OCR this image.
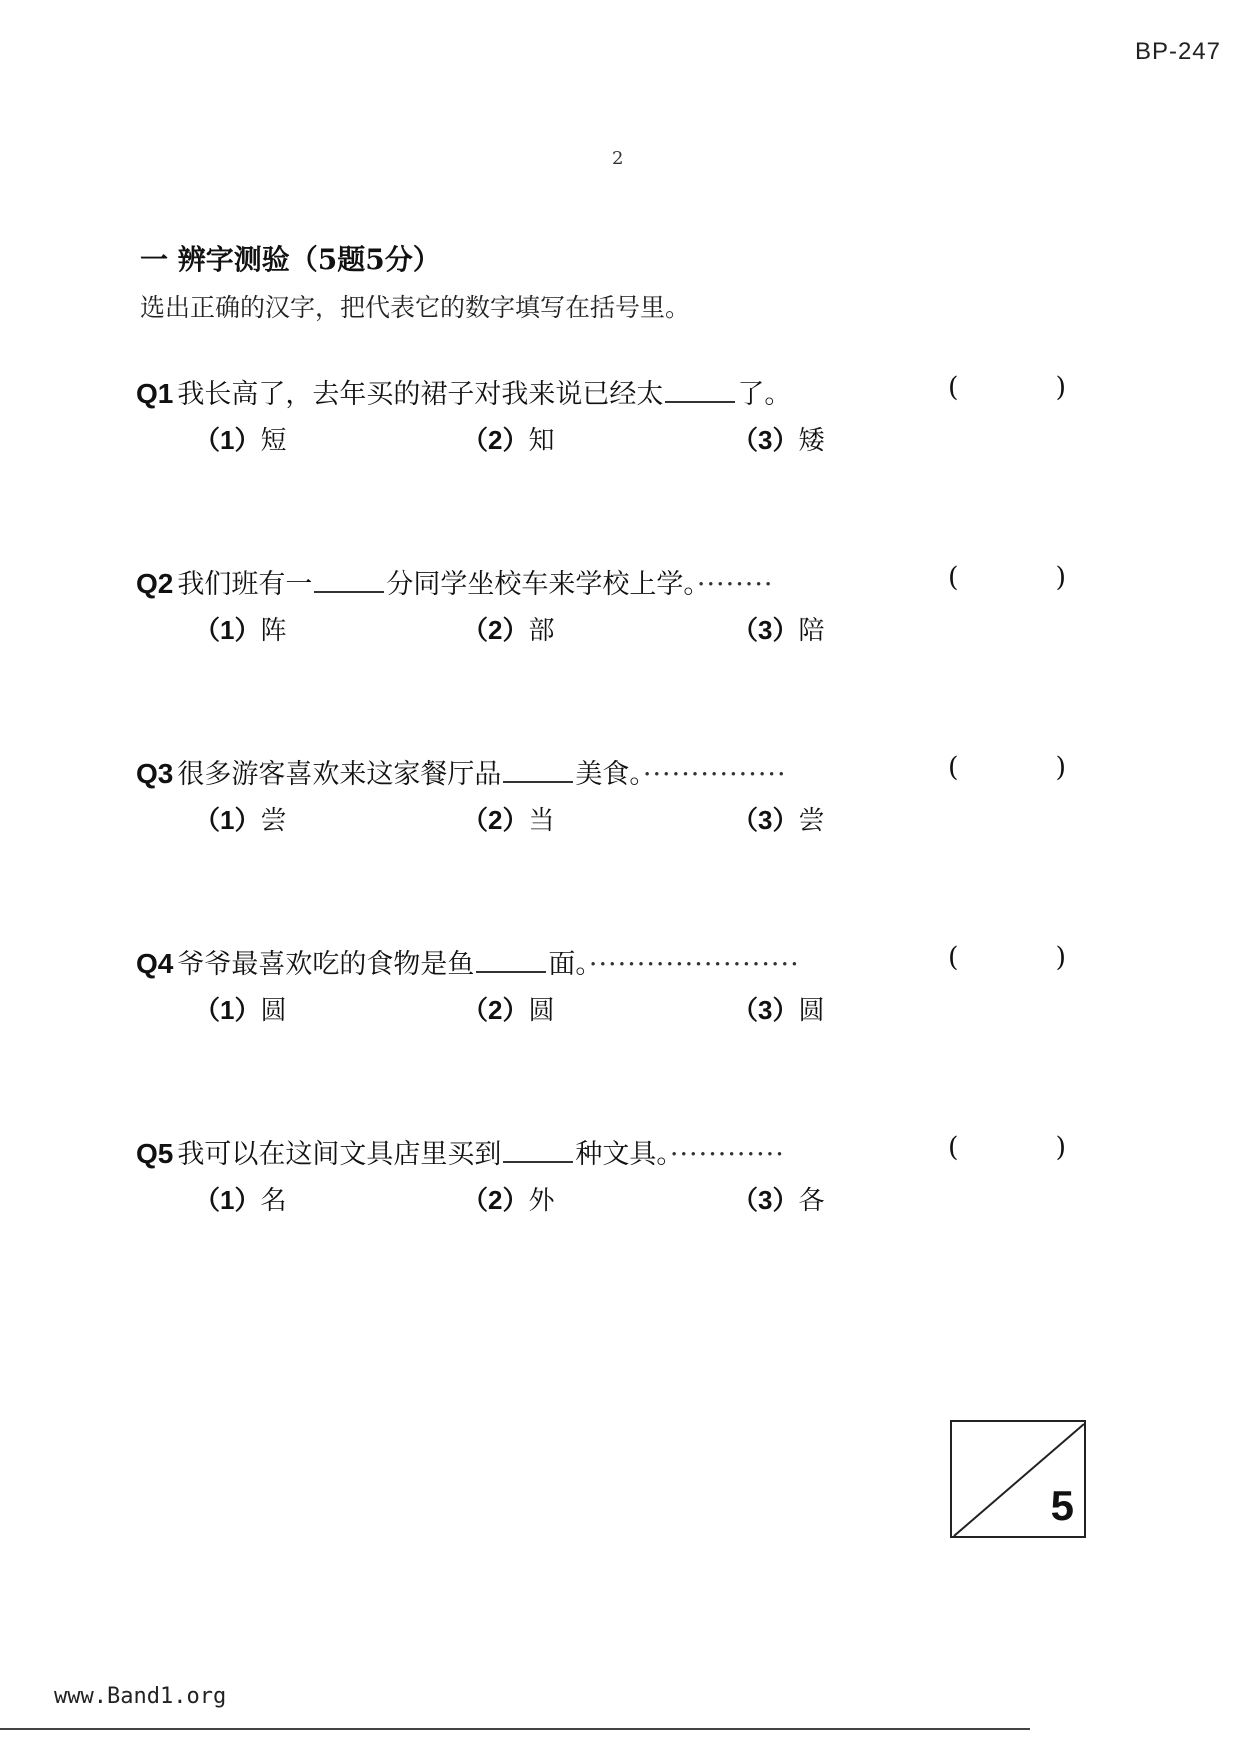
BP-247
2
一 辨字测验（5题5分）
选出正确的汉字，把代表它的数字填写在括号里。
Q1 我长高了，去年买的裙子对我来说已经太	了。	(	)
（1）短	（2）知	（3）矮
Q2 我们班有一	分同学坐校车来学校上学。········	(	)
（1）阵	（2）部	（3）陪
Q3 很多游客喜欢来这家餐厅品	美食。···············	(	)
（1）尝	（2）当	（3）尝
Q4 爷爷最喜欢吃的食物是鱼	面。······················	(	)
（1）圆	（2）圆	（3）圆
Q5 我可以在这间文具店里买到	种文具。············	(	)
（1）名	（2）外	（3）各
5
www.Band1.org
